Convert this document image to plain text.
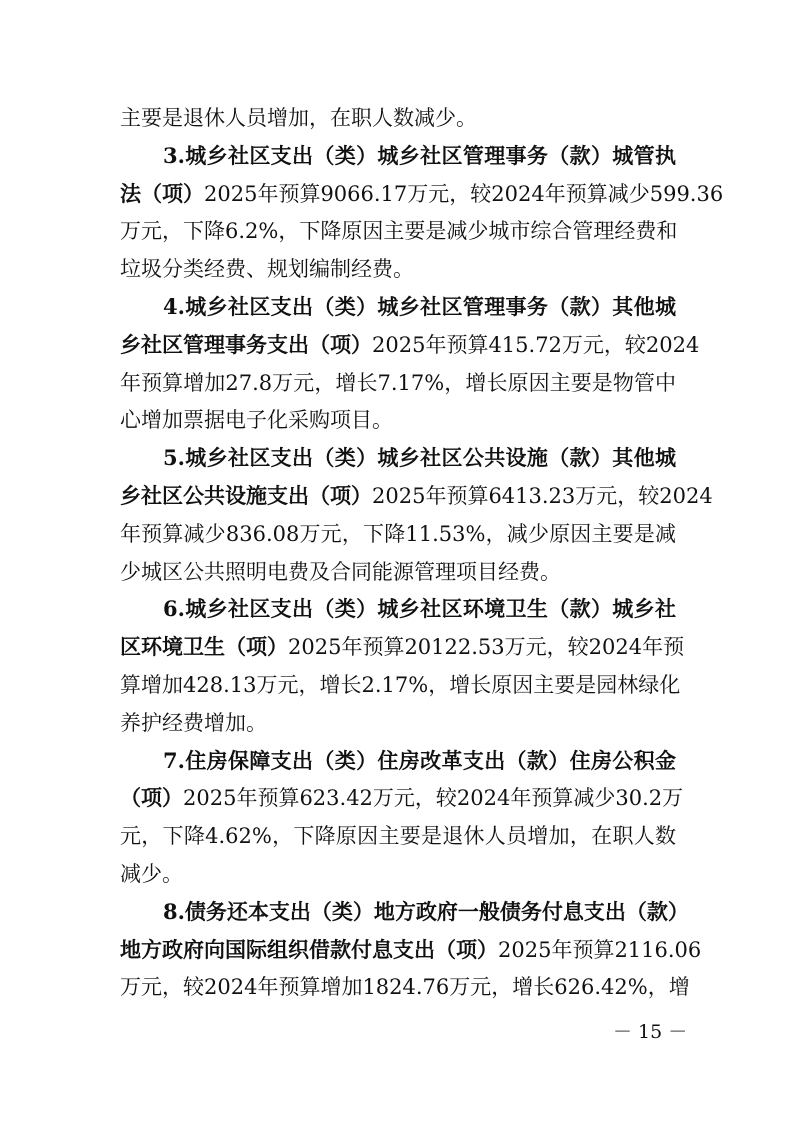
主要是退休人员增加，在职人数减少。
3.城乡社区支出（类）城乡社区管理事务（款）城管执
法（项）2025年预算9066.17万元，较2024年预算减少599.36
万元，下降6.2%，下降原因主要是减少城市综合管理经费和
垃圾分类经费、规划编制经费。
4.城乡社区支出（类）城乡社区管理事务（款）其他城
乡社区管理事务支出（项）2025年预算415.72万元，较2024
年预算增加27.8万元，增长7.17%，增长原因主要是物管中
心增加票据电子化采购项目。
5.城乡社区支出（类）城乡社区公共设施（款）其他城
乡社区公共设施支出（项）2025年预算6413.23万元，较2024
年预算减少836.08万元，下降11.53%，减少原因主要是减
少城区公共照明电费及合同能源管理项目经费。
6.城乡社区支出（类）城乡社区环境卫生（款）城乡社
区环境卫生（项）2025年预算20122.53万元，较2024年预
算增加428.13万元，增长2.17%，增长原因主要是园林绿化
养护经费增加。
7.住房保障支出（类）住房改革支出（款）住房公积金
（项）2025年预算623.42万元，较2024年预算减少30.2万
元，下降4.62%，下降原因主要是退休人员增加，在职人数
减少。
8.债务还本支出（类）地方政府一般债务付息支出（款）
地方政府向国际组织借款付息支出（项）2025年预算2116.06
万元，较2024年预算增加1824.76万元，增长626.42%，增
－ 15 －
